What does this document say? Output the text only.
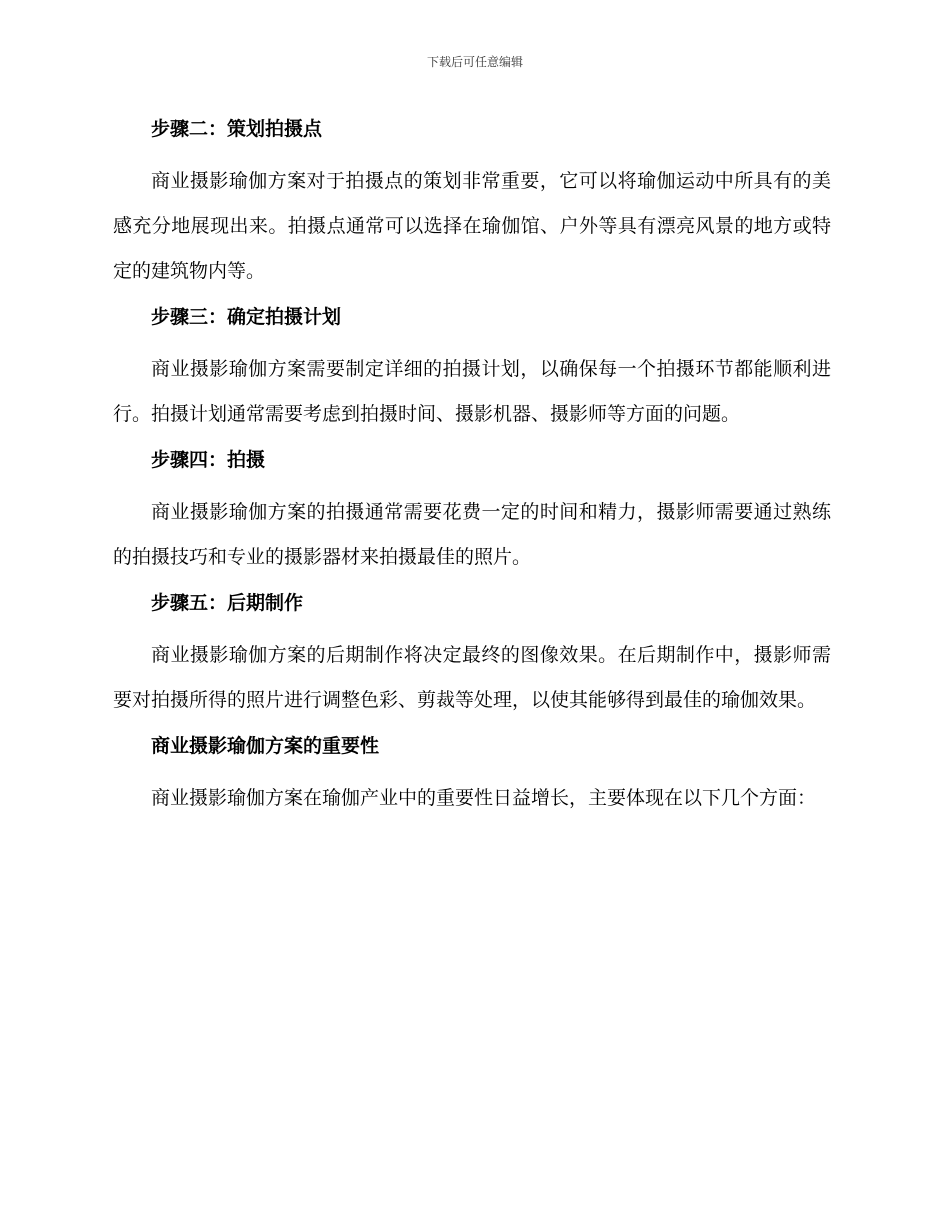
下载后可任意编辑
步骤二：策划拍摄点

商业摄影瑜伽方案对于拍摄点的策划非常重要，它可以将瑜伽运动中所具有的美感充分地展现出来。拍摄点通常可以选择在瑜伽馆、户外等具有漂亮风景的地方或特定的建筑物内等。

步骤三：确定拍摄计划

商业摄影瑜伽方案需要制定详细的拍摄计划，以确保每一个拍摄环节都能顺利进行。拍摄计划通常需要考虑到拍摄时间、摄影机器、摄影师等方面的问题。

步骤四：拍摄

商业摄影瑜伽方案的拍摄通常需要花费一定的时间和精力，摄影师需要通过熟练的拍摄技巧和专业的摄影器材来拍摄最佳的照片。

步骤五：后期制作

商业摄影瑜伽方案的后期制作将决定最终的图像效果。在后期制作中，摄影师需要对拍摄所得的照片进行调整色彩、剪裁等处理，以使其能够得到最佳的瑜伽效果。

商业摄影瑜伽方案的重要性

商业摄影瑜伽方案在瑜伽产业中的重要性日益增长，主要体现在以下几个方面：
